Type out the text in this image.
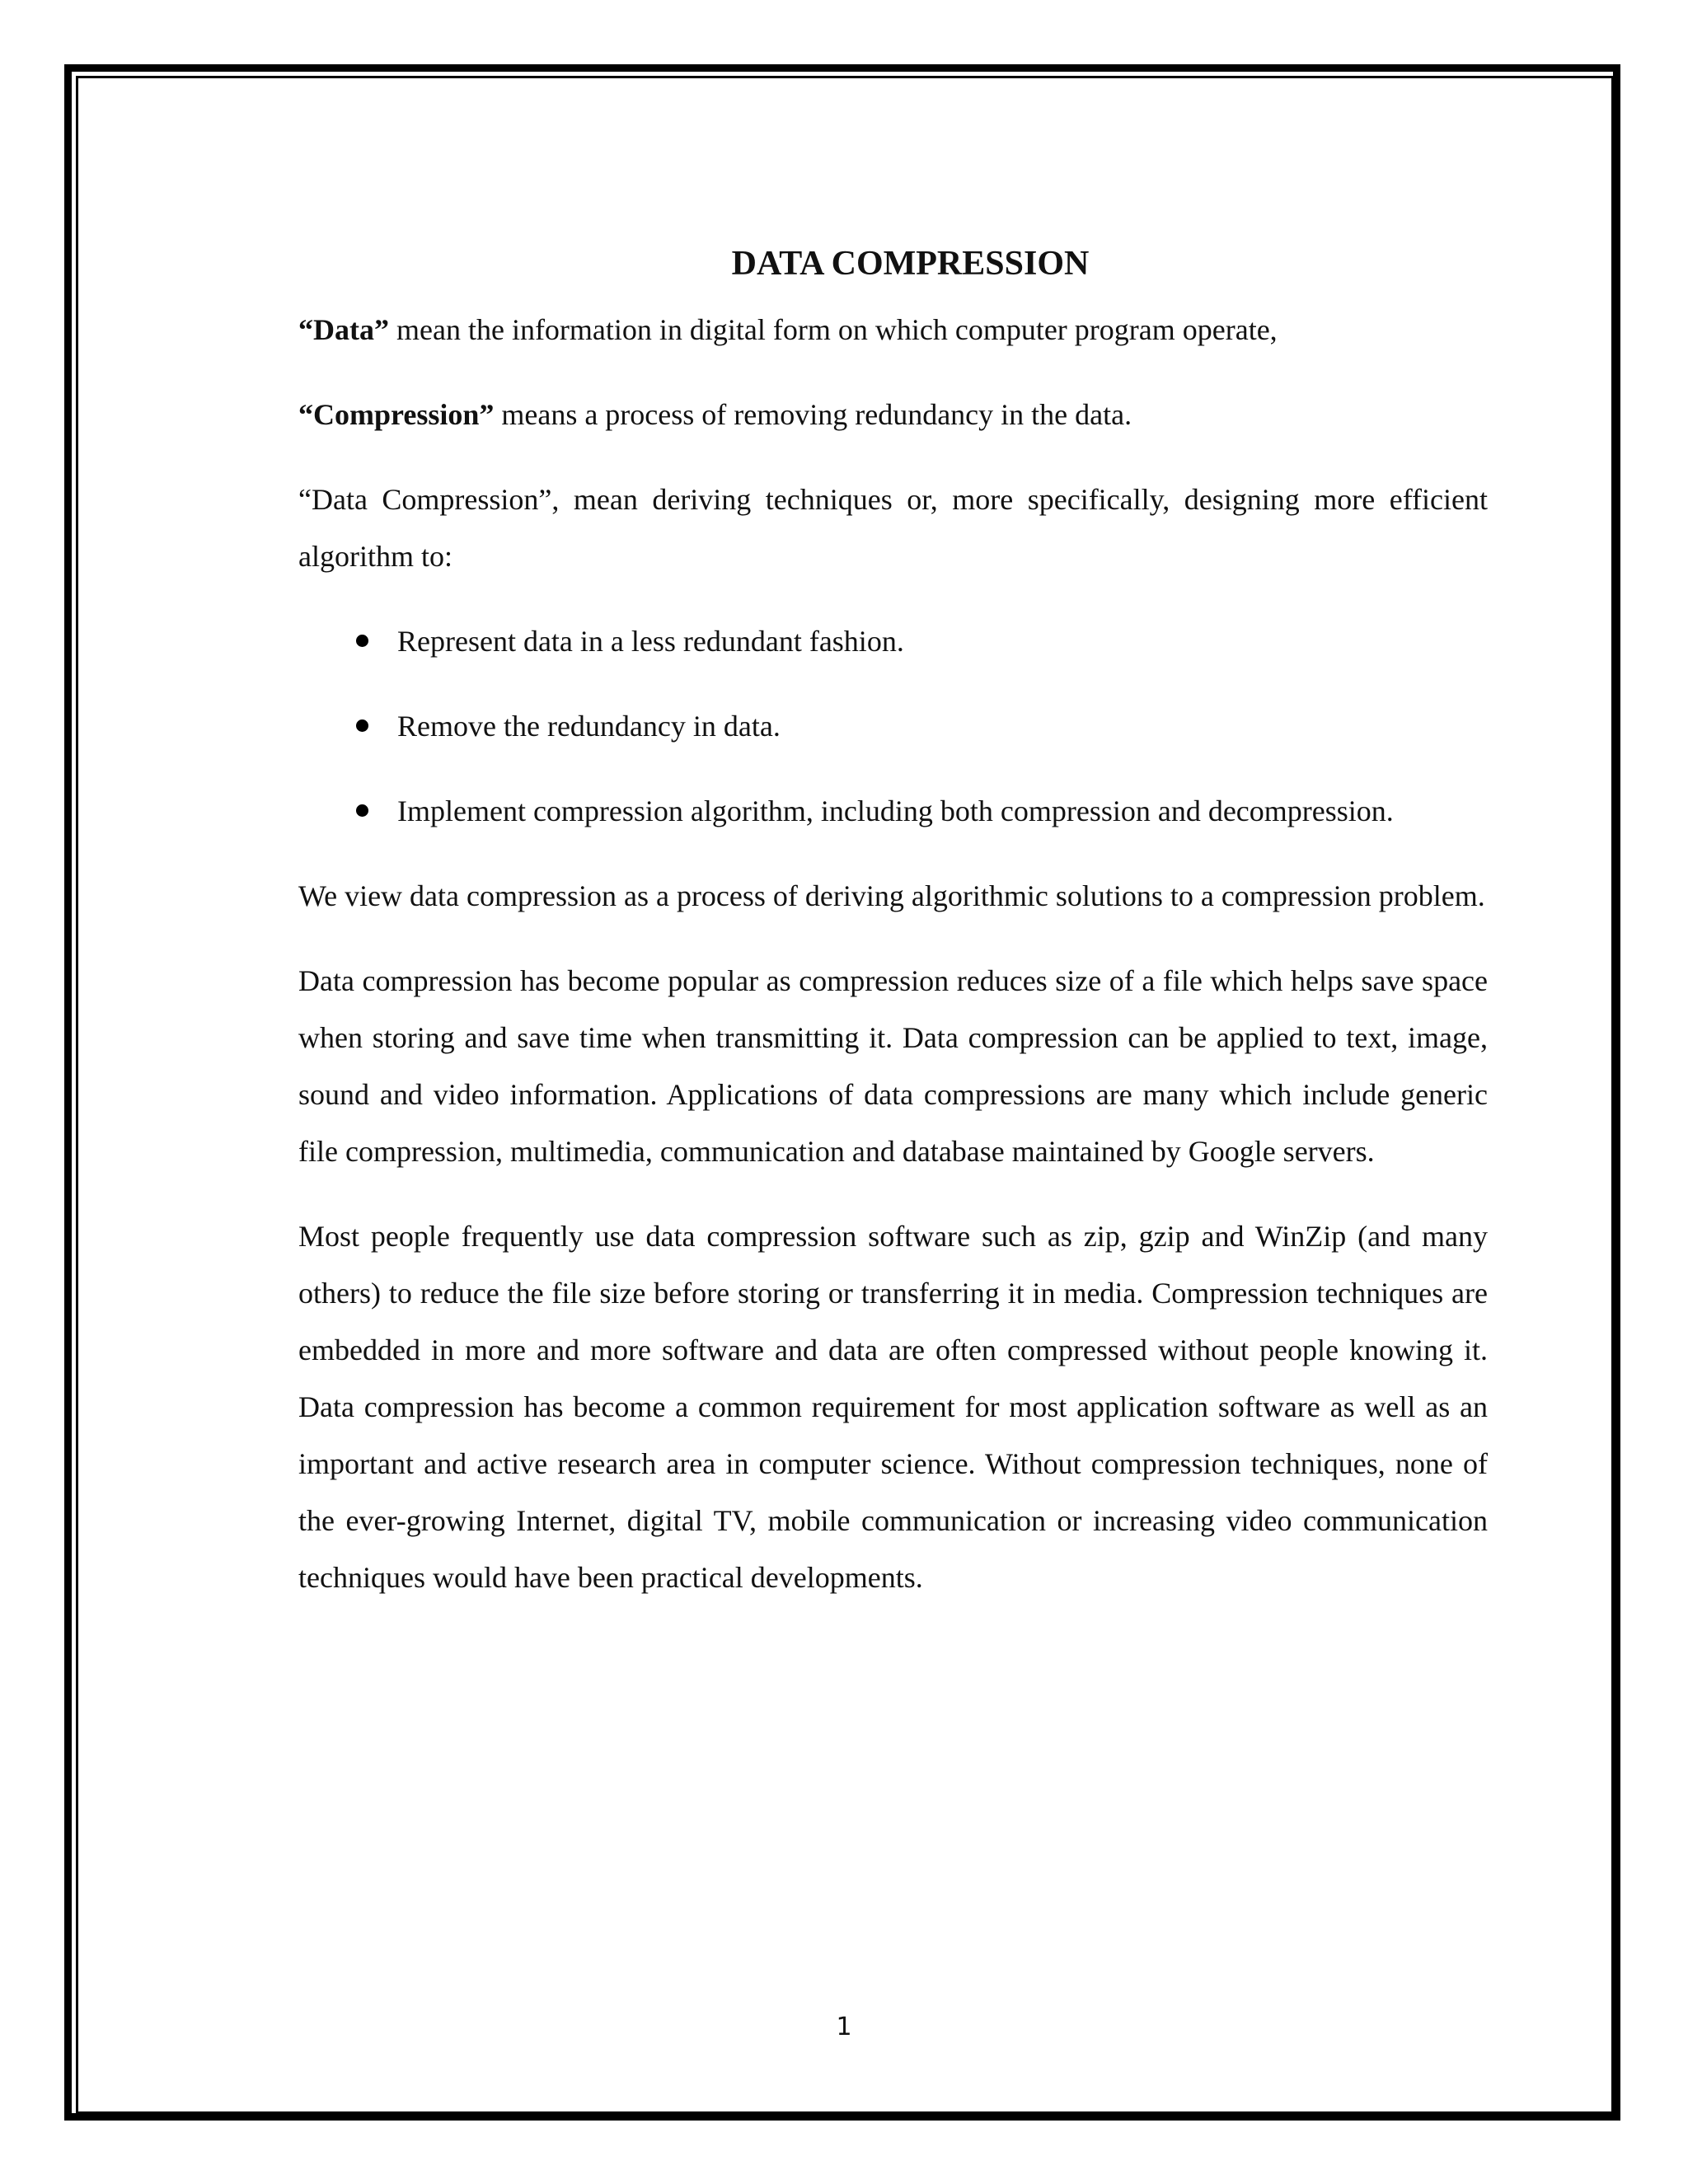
DATA COMPRESSION

“Data” mean the information in digital form on which computer program operate,

“Compression” means a process of removing redundancy in the data.

“Data Compression”, mean deriving techniques or, more specifically, designing more efficient algorithm to:

Represent data in a less redundant fashion.
Remove the redundancy in data.
Implement compression algorithm, including both compression and decompression.

We view data compression as a process of deriving algorithmic solutions to a compression problem.

Data compression has become popular as compression reduces size of a file which helps save space when storing and save time when transmitting it. Data compression can be applied to text, image, sound and video information. Applications of data compressions are many which include generic file compression, multimedia, communication and database maintained by Google servers.

Most people frequently use data compression software such as zip, gzip and WinZip (and many others) to reduce the file size before storing or transferring it in media. Compression techniques are embedded in more and more software and data are often compressed without people knowing it. Data compression has become a common requirement for most application software as well as an important and active research area in computer science. Without compression techniques, none of the ever-growing Internet, digital TV, mobile communication or increasing video communication techniques would have been practical developments.

1
